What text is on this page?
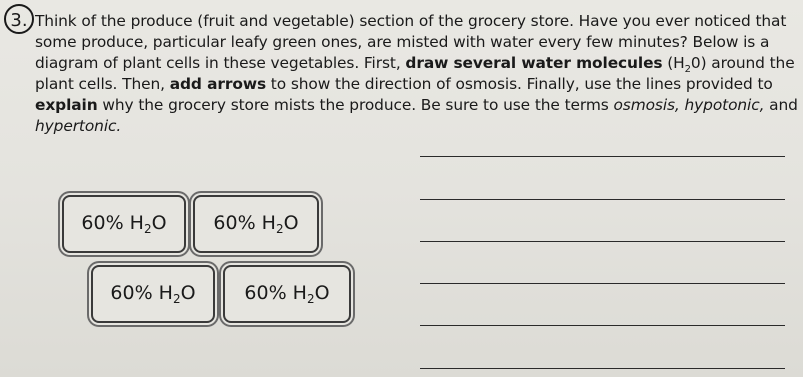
3. Think of the produce (fruit and vegetable) section of the grocery store. Have you ever noticed that
some produce, particular leafy green ones, are misted with water every few minutes? Below is a
diagram of plant cells in these vegetables. First, draw several water molecules $(H_20)$ around the
plant cells. Then, add arrows to show the direction of osmosis. Finally, use the lines provided to
explain why the grocery store mists the produce. Be sure to use the terms osmosis, hypotonic, and
hypertonic.
60% $H_2O$ 60% $H_2O$
60% $H_2O$	60% $H_2O$
